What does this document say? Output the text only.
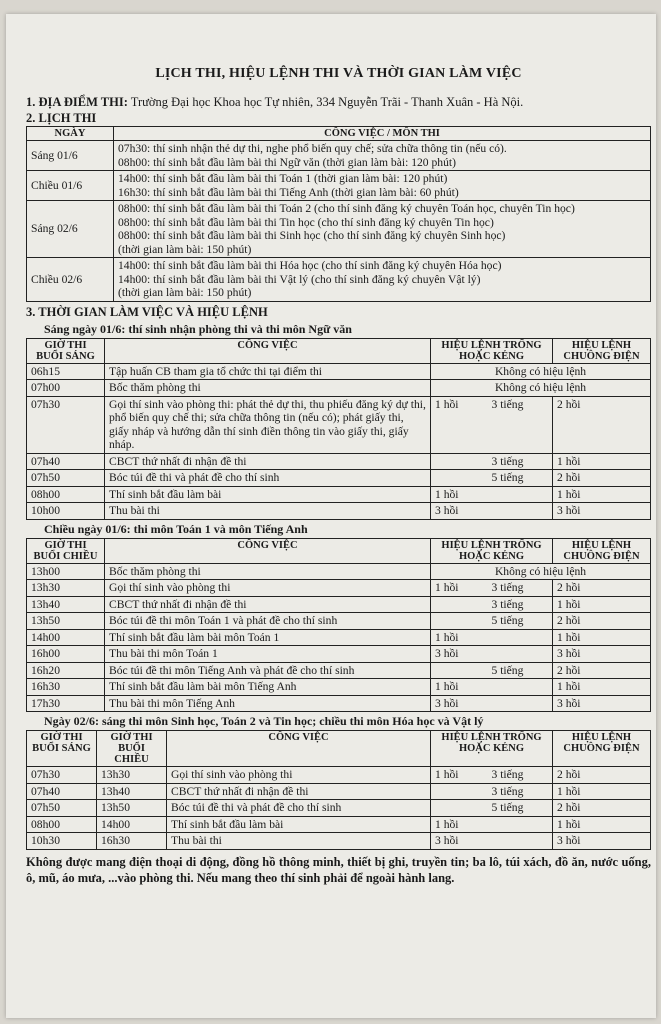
LỊCH THI, HIỆU LỆNH THI VÀ THỜI GIAN LÀM VIỆC

1. ĐỊA ĐIỂM THI: Trường Đại học Khoa học Tự nhiên, 334 Nguyễn Trãi - Thanh Xuân - Hà Nội.

2. LỊCH THI

NGÀY	CÔNG VIỆC / MÔN THI
Sáng 01/6	07h30: thí sinh nhận thẻ dự thi, nghe phổ biến quy chế; sửa chữa thông tin (nếu có).
08h00: thí sinh bắt đầu làm bài thi Ngữ văn (thời gian làm bài: 120 phút)

Chiều 01/6	14h00: thí sinh bắt đầu làm bài thi Toán 1 (thời gian làm bài: 120 phút)
16h30: thí sinh bắt đầu làm bài thi Tiếng Anh (thời gian làm bài: 60 phút)

Sáng 02/6	08h00: thí sinh bắt đầu làm bài thi Toán 2 (cho thí sinh đăng ký chuyên Toán học, chuyên Tin học)
08h00: thí sinh bắt đầu làm bài thi Tin học (cho thí sinh đăng ký chuyên Tin học)
08h00: thí sinh bắt đầu làm bài thi Sinh học (cho thí sinh đăng ký chuyên Sinh học)
(thời gian làm bài: 150 phút)

Chiều 02/6	14h00: thí sinh bắt đầu làm bài thi Hóa học (cho thí sinh đăng ký chuyên Hóa học)
14h00: thí sinh bắt đầu làm bài thi Vật lý (cho thí sinh đăng ký chuyên Vật lý)
(thời gian làm bài: 150 phút)

3. THỜI GIAN LÀM VIỆC VÀ HIỆU LỆNH

Sáng ngày 01/6: thí sinh nhận phòng thi và thi môn Ngữ văn
GIỜ THI BUỔI SÁNG	CÔNG VIỆC	HIỆU LỆNH TRỐNG HOẶC KẺNG	HIỆU LỆNH CHUÔNG ĐIỆN
06h15	Tập huấn CB tham gia tổ chức thi tại điểm thi	Không có hiệu lệnh	
07h00	Bốc thăm phòng thi	Không có hiệu lệnh	
07h30	Gọi thí sinh vào phòng thi: phát thẻ dự thi, thu phiếu đăng ký dự thi, phổ biến quy chế thi; sửa chữa thông tin (nếu có); phát giấy thi, giấy nháp và hướng dẫn thí sinh điền thông tin vào giấy thi, giấy nháp.	1 hồi 3 tiếng	2 hồi
07h40	CBCT thứ nhất đi nhận đề thi	3 tiếng	1 hồi
07h50	Bóc túi đề thi và phát đề cho thí sinh	5 tiếng	2 hồi
08h00	Thí sinh bắt đầu làm bài	1 hồi	1 hồi
10h00	Thu bài thi	3 hồi	3 hồi
Chiều ngày 01/6: thi môn Toán 1 và môn Tiếng Anh
GIỜ THI BUỔI CHIỀU	CÔNG VIỆC	HIỆU LỆNH TRỐNG HOẶC KẺNG	HIỆU LỆNH CHUÔNG ĐIỆN
13h00	Bốc thăm phòng thi	Không có hiệu lệnh	
13h30	Gọi thí sinh vào phòng thi	1 hồi 3 tiếng	2 hồi
13h40	CBCT thứ nhất đi nhận đề thi	3 tiếng	1 hồi
13h50	Bóc túi đề thi môn Toán 1 và phát đề cho thí sinh	5 tiếng	2 hồi
14h00	Thí sinh bắt đầu làm bài môn Toán 1	1 hồi	1 hồi
16h00	Thu bài thi môn Toán 1	3 hồi	3 hồi
16h20	Bóc túi đề thi môn Tiếng Anh và phát đề cho thí sinh	5 tiếng	2 hồi
16h30	Thí sinh bắt đầu làm bài môn Tiếng Anh	1 hồi	1 hồi
17h30	Thu bài thi môn Tiếng Anh	3 hồi	3 hồi
Ngày 02/6: sáng thi môn Sinh học, Toán 2 và Tin học; chiều thi môn Hóa học và Vật lý
GIỜ THI BUỔI SÁNG	GIỜ THI BUỔI CHIỀU	CÔNG VIỆC	HIỆU LỆNH TRỐNG HOẶC KẺNG	HIỆU LỆNH CHUÔNG ĐIỆN
07h30	13h30	Gọi thí sinh vào phòng thi	1 hồi 3 tiếng	2 hồi
07h40	13h40	CBCT thứ nhất đi nhận đề thi	3 tiếng	1 hồi
07h50	13h50	Bóc túi đề thi và phát đề cho thí sinh	5 tiếng	2 hồi
08h00	14h00	Thí sinh bắt đầu làm bài	1 hồi	1 hồi
10h30	16h30	Thu bài thi	3 hồi	3 hồi
Không được mang điện thoại di động, đồng hồ thông minh, thiết bị ghi, truyền tin; ba lô, túi xách, đồ ăn, nước uống, ô, mũ, áo mưa, ...vào phòng thi. Nếu mang theo thí sinh phải để ngoài hành lang.
